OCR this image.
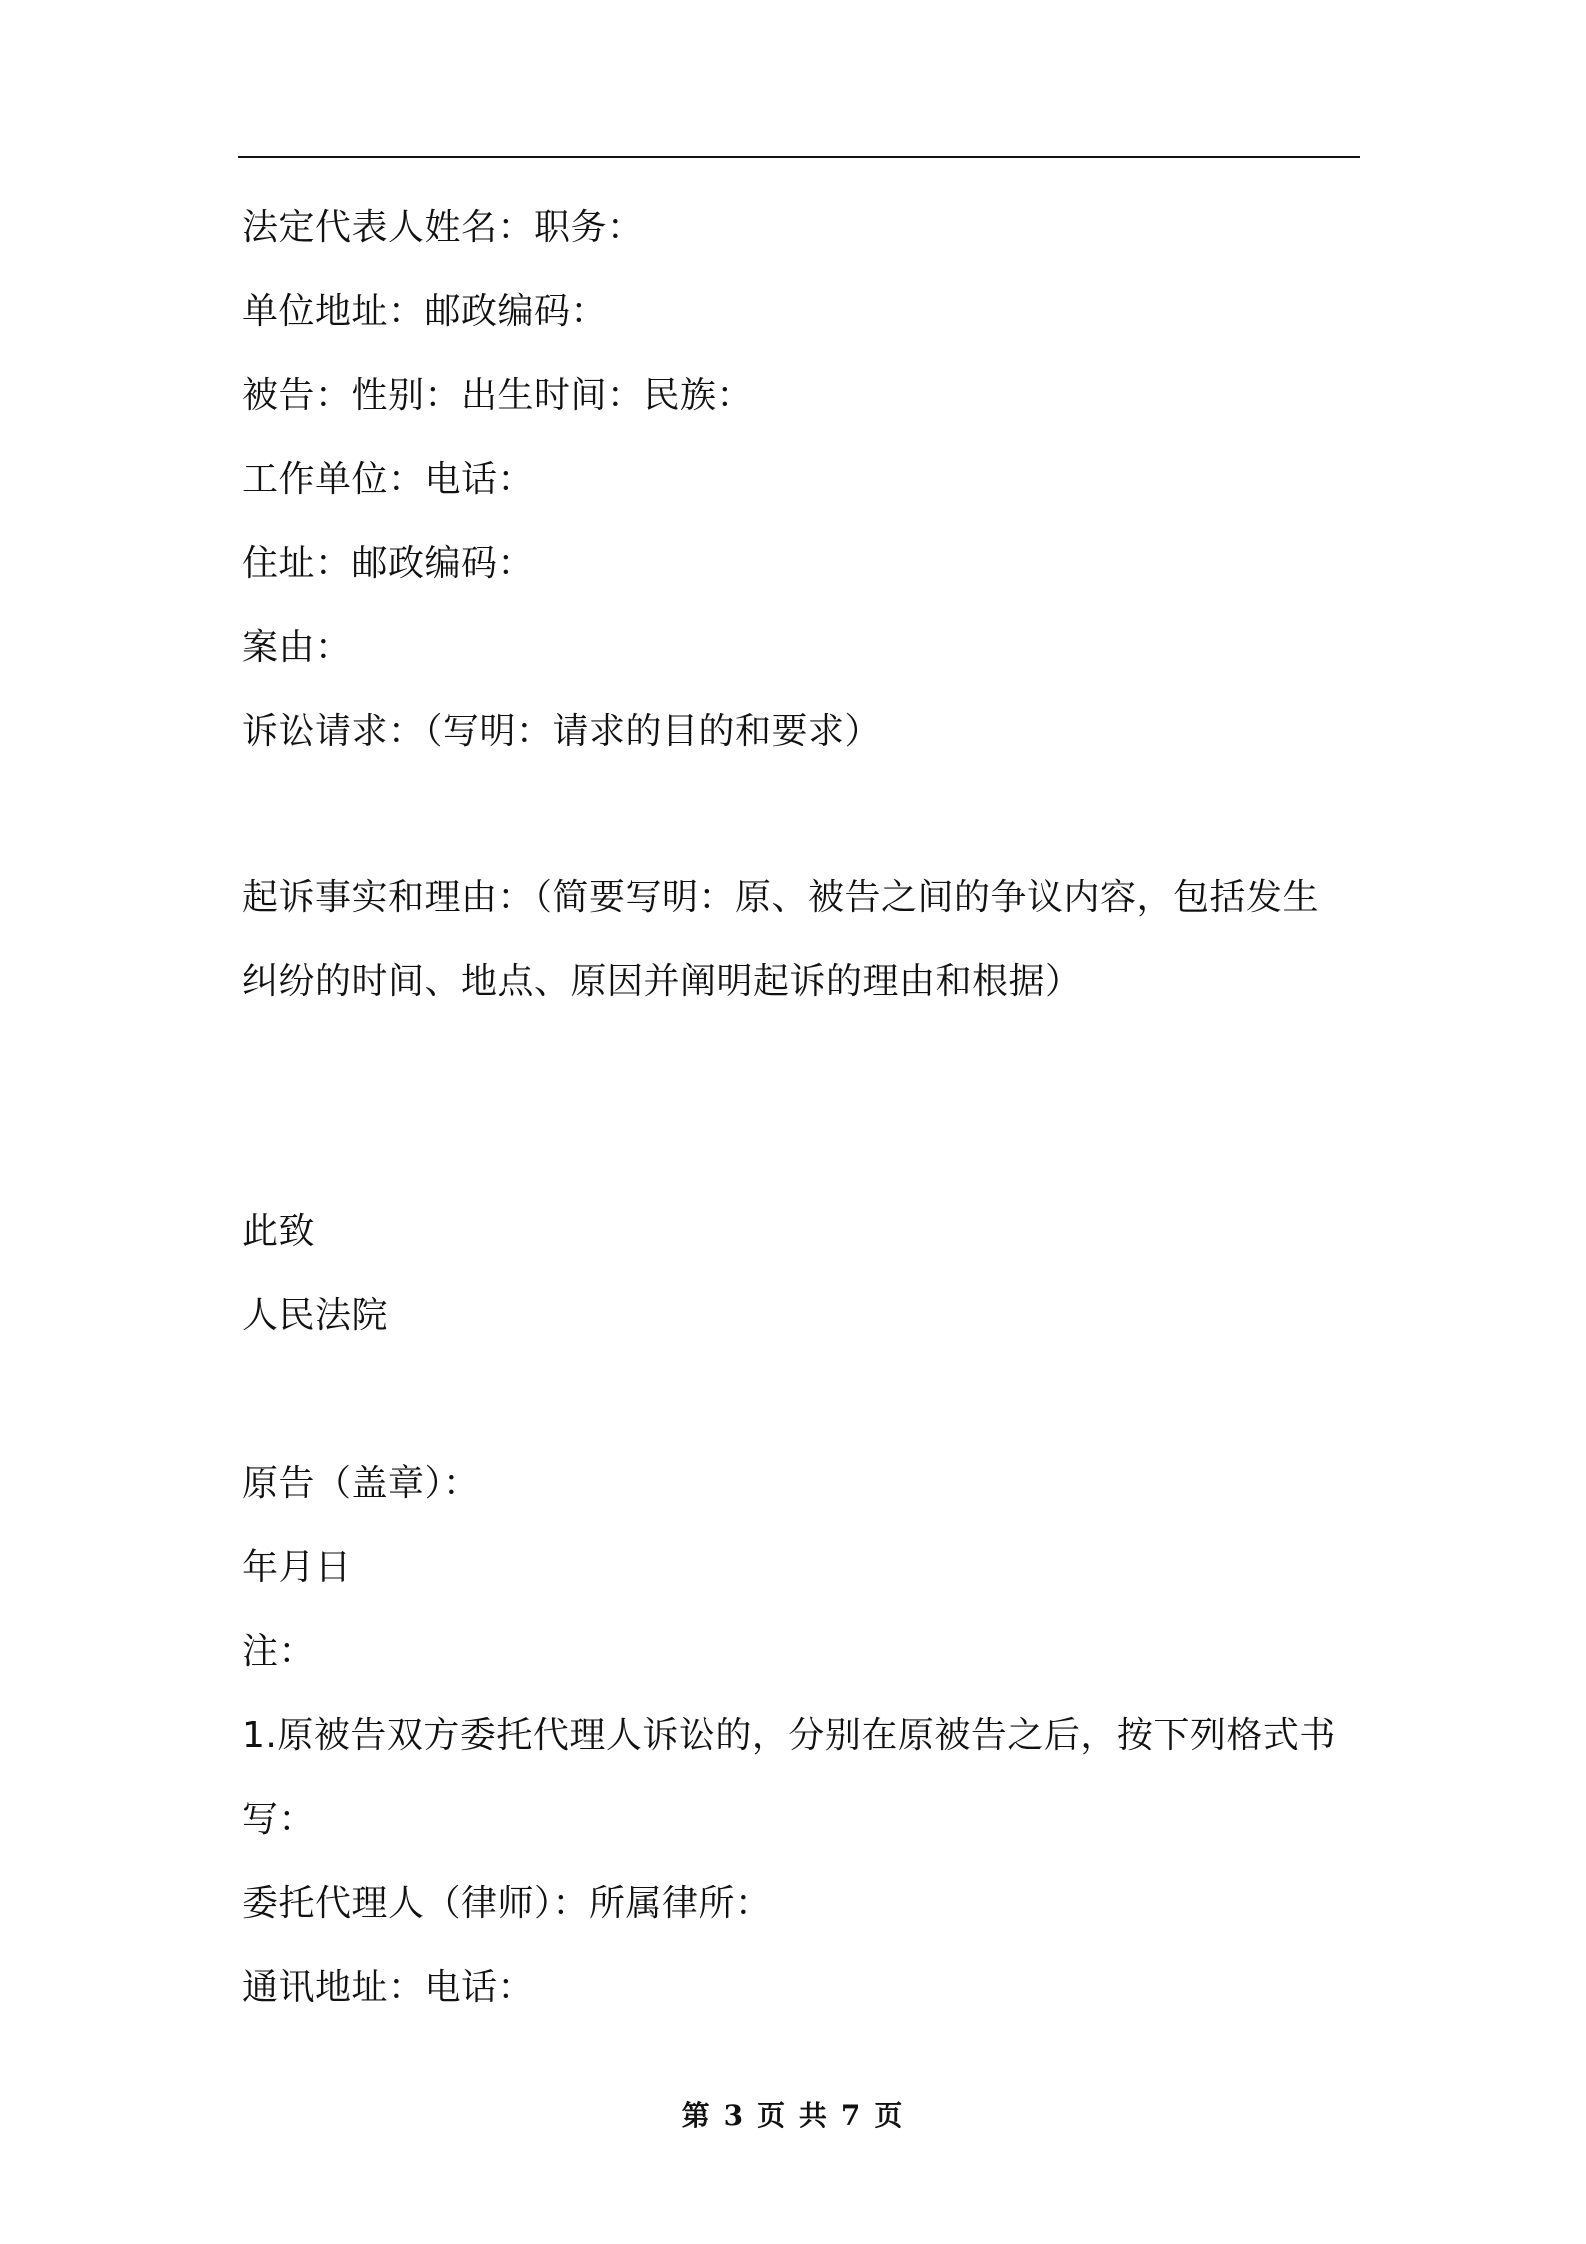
法定代表人姓名：职务：
单位地址：邮政编码：
被告：性别：出生时间：民族：
工作单位：电话：
住址：邮政编码：
案由：
诉讼请求：（写明：请求的目的和要求）
起诉事实和理由：（简要写明：原、被告之间的争议内容，包括发生
纠纷的时间、地点、原因并阐明起诉的理由和根据）
此致
人民法院
原告（盖章）：
年月日
注：
1.原被告双方委托代理人诉讼的，分别在原被告之后，按下列格式书
写：
委托代理人（律师）：所属律所：
通讯地址：电话：
第 3 页 共 7 页
